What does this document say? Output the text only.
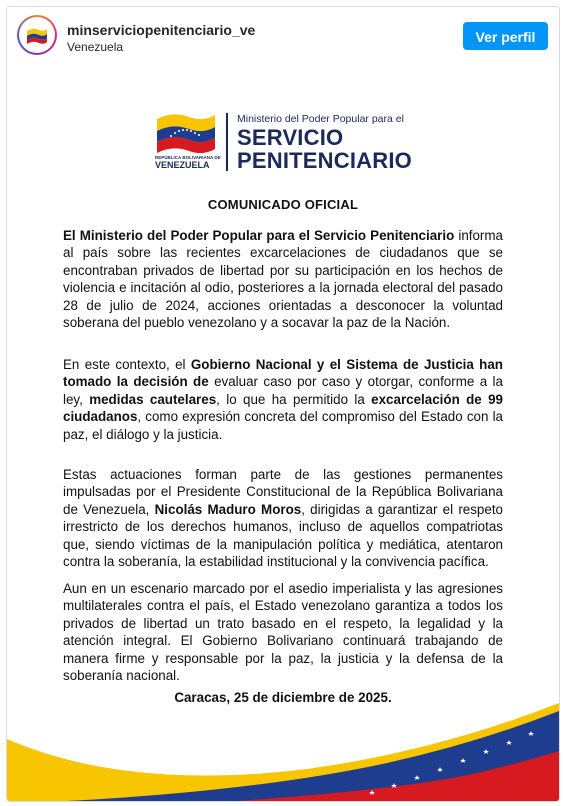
minserviciopenitenciario_ve
Venezuela
Ver perfil
REPÚBLICA BOLIVARIANA DE
VENEZUELA
Ministerio del Poder Popular para el
SERVICIO
PENITENCIARIO
COMUNICADO OFICIAL
El Ministerio del Poder Popular para el Servicio Penitenciario informa al país sobre las recientes excarcelaciones de ciudadanos que se encontraban privados de libertad por su participación en los hechos de violencia e incitación al odio, posteriores a la jornada electoral del pasado 28 de julio de 2024, acciones orientadas a desconocer la voluntad soberana del pueblo venezolano y a socavar la paz de la Nación.
En este contexto, el Gobierno Nacional y el Sistema de Justicia han tomado la decisión de evaluar caso por caso y otorgar, conforme a la ley, medidas cautelares, lo que ha permitido la excarcelación de 99 ciudadanos, como expresión concreta del compromiso del Estado con la paz, el diálogo y la justicia.
Estas actuaciones forman parte de las gestiones permanentes impulsadas por el Presidente Constitucional de la República Bolivariana de Venezuela, Nicolás Maduro Moros, dirigidas a garantizar el respeto irrestricto de los derechos humanos, incluso de aquellos compatriotas que, siendo víctimas de la manipulación política y mediática, atentaron contra la soberanía, la estabilidad institucional y la convivencia pacífica.
Aun en un escenario marcado por el asedio imperialista y las agresiones multilaterales contra el país, el Estado venezolano garantiza a todos los privados de libertad un trato basado en el respeto, la legalidad y la atención integral. El Gobierno Bolivariano continuará trabajando de manera firme y responsable por la paz, la justicia y la defensa de la soberanía nacional.
Caracas, 25 de diciembre de 2025.
